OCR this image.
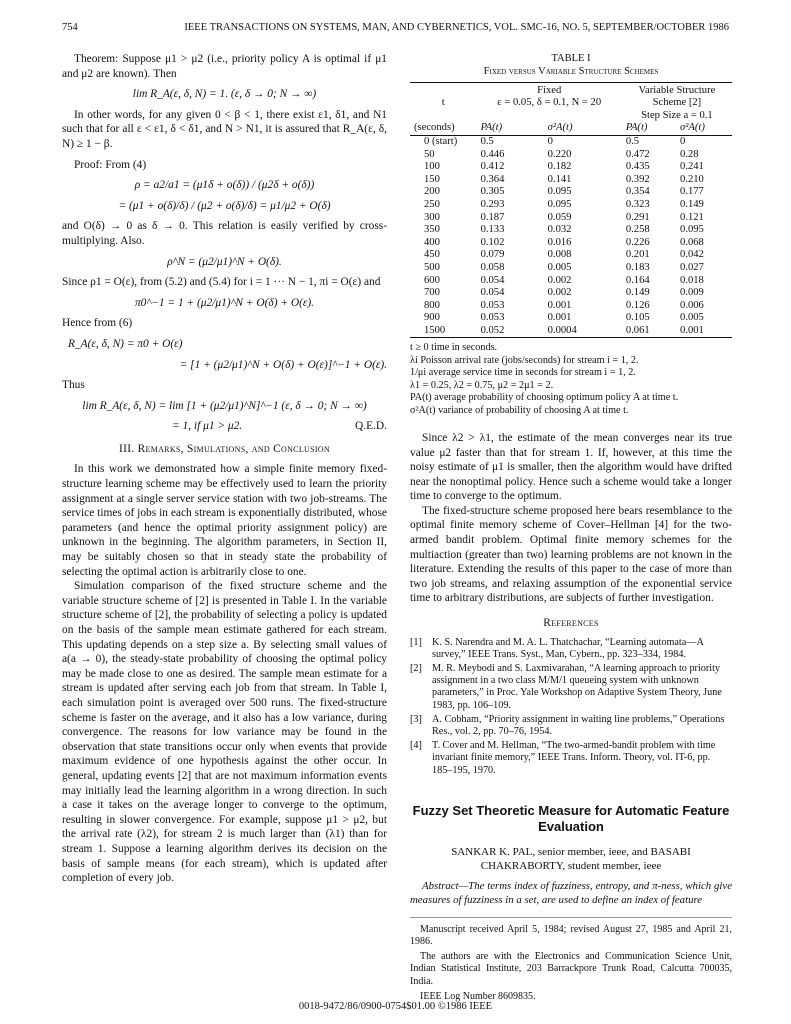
754	IEEE TRANSACTIONS ON SYSTEMS, MAN, AND CYBERNETICS, VOL. SMC-16, NO. 5, SEPTEMBER/OCTOBER 1986

Theorem: Suppose μ1 > μ2 (i.e., priority policy A is optimal if μ1 and μ2 are known). Then

lim R_A(ε, δ, N) = 1. (ε, δ → 0; N → ∞)

In other words, for any given 0 < β < 1, there exist ε1, δ1, and N1 such that for all ε < ε1, δ < δ1, and N > N1, it is assured that R_A(ε, δ, N) ≥ 1 − β.

Proof: From (4)

ρ = a2/a1 = (μ1δ + o(δ)) / (μ2δ + o(δ))

= (μ1 + o(δ)/δ) / (μ2 + o(δ)/δ) = μ1/μ2 + O(δ)

and O(δ) → 0 as δ → 0. This relation is easily verified by cross-multiplying. Also.

ρ^N = (μ2/μ1)^N + O(δ).

Since ρ1 = O(ε), from (5.2) and (5.4) for i = 1 ··· N − 1, πi = O(ε) and

π0^−1 = 1 + (μ2/μ1)^N + O(δ) + O(ε).

Hence from (6)

R_A(ε, δ, N) = π0 + O(ε)

= [1 + (μ2/μ1)^N + O(δ) + O(ε)]^−1 + O(ε).

Thus

lim R_A(ε, δ, N) = lim [1 + (μ2/μ1)^N]^−1 (ε, δ → 0; N → ∞)

= 1, if μ1 > μ2.	Q.E.D.

III. Remarks, Simulations, and Conclusion

In this work we demonstrated how a simple finite memory fixed-structure learning scheme may be effectively used to learn the priority assignment at a single server service station with two job-streams. The service times of jobs in each stream is exponentially distributed, whose parameters (and hence the optimal priority assignment policy) are unknown in the beginning. The algorithm parameters, in Section II, may be suitably chosen so that in steady state the probability of selecting the optimal action is arbitrarily close to one.

Simulation comparison of the fixed structure scheme and the variable structure scheme of [2] is presented in Table I. In the variable structure scheme of [2], the probability of selecting a policy is updated on the basis of the sample mean estimate gathered for each stream. This updating depends on a step size a. By selecting small values of a(a → 0), the steady-state probability of choosing the optimal policy may be made close to one as desired. The sample mean estimate for a stream is updated after serving each job from that stream. In Table I, each simulation point is averaged over 500 runs. The fixed-structure scheme is faster on the average, and it also has a low variance, during convergence. The reasons for low variance may be found in the observation that state transitions occur only when events that provide maximum evidence of one hypothesis against the other occur. In general, updating events [2] that are not maximum information events may initially lead the learning algorithm in a wrong direction. In such a case it takes on the average longer to converge to the optimum, resulting in slower convergence. For example, suppose μ1 > μ2, but the arrival rate (λ2), for stream 2 is much larger than (λ1) than for stream 1. Suppose a learning algorithm derives its decision on the basis of sample means (for each stream), which is updated after completion of every job.

TABLE I
Fixed versus Variable Structure Schemes
	Fixed		Variable Structure	
t	ε = 0.05, δ = 0.1, N = 20		Scheme [2]	
			Step Size a = 0.1	
(seconds)	PA(t)	σ²A(t)	PA(t)	σ²A(t)
0 (start)	0.5	0	0.5	0
50	0.446	0.220	0.472	0.28
100	0.412	0.182	0.435	0.241
150	0.364	0.141	0.392	0.210
200	0.305	0.095	0.354	0.177
250	0.293	0.095	0.323	0.149
300	0.187	0.059	0.291	0.121
350	0.133	0.032	0.258	0.095
400	0.102	0.016	0.226	0.068
450	0.079	0.008	0.201	0.042
500	0.058	0.005	0.183	0.027
600	0.054	0.002	0.164	0.018
700	0.054	0.002	0.149	0.009
800	0.053	0.001	0.126	0.006
900	0.053	0.001	0.105	0.005
1500	0.052	0.0004	0.061	0.001
t ≥ 0 time in seconds.
λi Poisson arrival rate (jobs/seconds) for stream i = 1, 2.
1/μi average service time in seconds for stream i = 1, 2.
λ1 = 0.25, λ2 = 0.75, μ2 = 2μ1 = 2.
PA(t) average probability of choosing optimum policy A at time t.
σ²A(t) variance of probability of choosing A at time t.

Since λ2 > λ1, the estimate of the mean converges near its true value μ2 faster than that for stream 1. If, however, at this time the noisy estimate of μ1 is smaller, then the algorithm would have drifted near the nonoptimal policy. Hence such a scheme would take a longer time to converge to the optimum.

The fixed-structure scheme proposed here bears resemblance to the optimal finite memory scheme of Cover–Hellman [4] for the two-armed bandit problem. Optimal finite memory schemes for the multiaction (greater than two) learning problems are not known in the literature. Extending the results of this paper to the case of more than two job streams, and relaxing assumption of the exponential service time to arbitrary distributions, are subjects of further investigation.

References

[1] K. S. Narendra and M. A. L. Thatchachar, “Learning automata—A survey,” IEEE Trans. Syst., Man, Cybern., pp. 323–334, 1984.
[2] M. R. Meybodi and S. Laxmivarahan, “A learning approach to priority assignment in a two class M/M/1 queueing system with unknown parameters,” in Proc. Yale Workshop on Adaptive System Theory, June 1983, pp. 106–109.
[3] A. Cobham, “Priority assignment in waiting line problems,” Operations Res., vol. 2, pp. 70–76, 1954.
[4] T. Cover and M. Hellman, “The two-armed-bandit problem with time invariant finite memory,” IEEE Trans. Inform. Theory, vol. IT-6, pp. 185–195, 1970.
Fuzzy Set Theoretic Measure for Automatic Feature Evaluation
SANKAR K. PAL, senior member, ieee, and BASABI CHAKRABORTY, student member, ieee

Abstract—The terms index of fuzziness, entropy, and π-ness, which give measures of fuzziness in a set, are used to define an index of feature

Manuscript received April 5, 1984; revised August 27, 1985 and April 21, 1986.

The authors are with the Electronics and Communication Science Unit, Indian Statistical Institute, 203 Barrackpore Trunk Road, Calcutta 700035, India.

IEEE Log Number 8609835.

0018-9472/86/0900-0754$01.00 ©1986 IEEE
